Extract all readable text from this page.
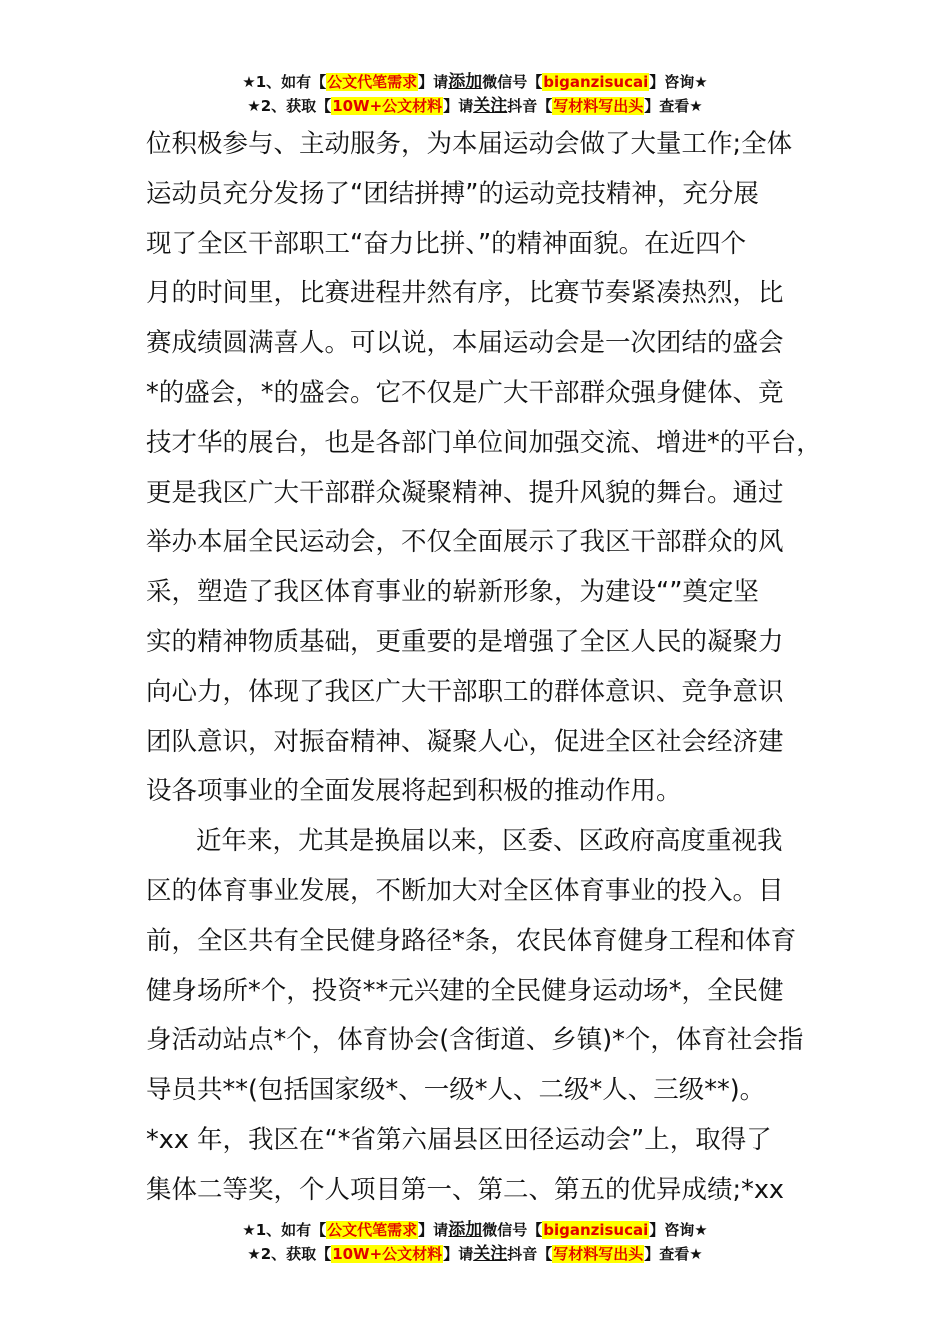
★1、如有【公文代笔需求】请添加微信号【biganzisucai】咨询★
★2、获取【10W+公文材料】请关注抖音【写材料写出头】查看★
位积极参与、主动服务，为本届运动会做了大量工作;全体
运动员充分发扬了“团结拼搏”的运动竞技精神，充分展
现了全区干部职工“奋力比拼、”的精神面貌。在近四个
月的时间里，比赛进程井然有序，比赛节奏紧凑热烈，比
赛成绩圆满喜人。可以说，本届运动会是一次团结的盛会
*的盛会，*的盛会。它不仅是广大干部群众强身健体、竞
技才华的展台，也是各部门单位间加强交流、增进*的平台，
更是我区广大干部群众凝聚精神、提升风貌的舞台。通过
举办本届全民运动会，不仅全面展示了我区干部群众的风
采，塑造了我区体育事业的崭新形象，为建设“”奠定坚
实的精神物质基础，更重要的是增强了全区人民的凝聚力
向心力，体现了我区广大干部职工的群体意识、竞争意识
团队意识，对振奋精神、凝聚人心，促进全区社会经济建
设各项事业的全面发展将起到积极的推动作用。
近年来，尤其是换届以来，区委、区政府高度重视我
区的体育事业发展，不断加大对全区体育事业的投入。目
前，全区共有全民健身路径*条，农民体育健身工程和体育
健身场所*个，投资**元兴建的全民健身运动场*，全民健
身活动站点*个，体育协会(含街道、乡镇)*个，体育社会指
导员共**(包括国家级*、一级*人、二级*人、三级**)。
*xx 年，我区在“*省第六届县区田径运动会”上，取得了
集体二等奖，个人项目第一、第二、第五的优异成绩;*xx
★1、如有【公文代笔需求】请添加微信号【biganzisucai】咨询★
★2、获取【10W+公文材料】请关注抖音【写材料写出头】查看★
